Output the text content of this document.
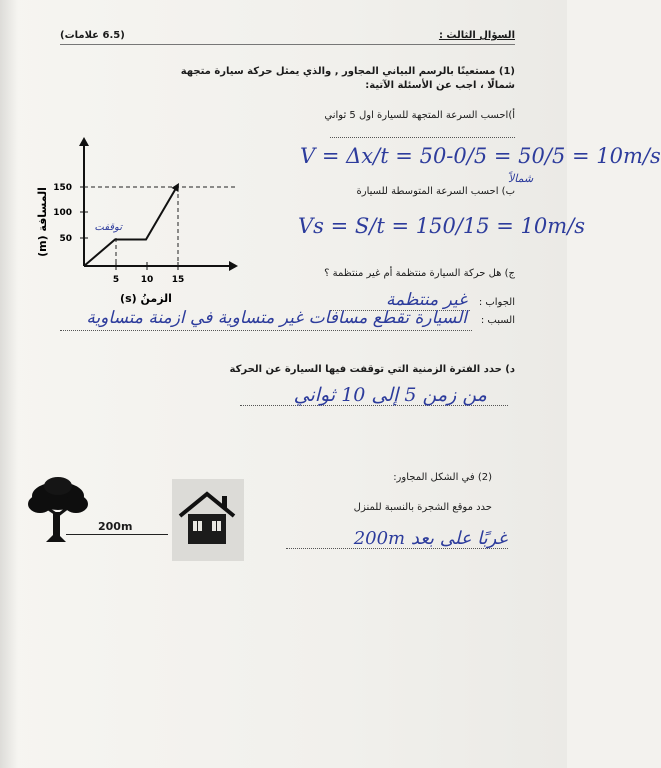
(6.5 علامات)	السؤال الثالث :
(1) مستعينًا بالرسم البياني المجاور , والذي يمثل حركة سيارة متجهة
شمالًا ، اجب عن الأسئلة الآتية:
أ)احسب السرعة المتجهة للسيارة اول 5 ثواني
V = Δx/t = 50-0/5 = 50/5 = 10m/s
شمالاً
ب) احسب السرعة المتوسطة للسيارة
Vs = S/t = 150/15 = 10m/s
المسافة (m) 150
100
50
5 10 15
توقفت
الزمنُ (s)
ج) هل حركة السيارة منتظمة أم غير منتظمة ؟
الجواب :
غير منتظمة
السبب :
السيارة تقطع مسافات غير متساوية في ازمنة متساوية
د) حدد الفترة الزمنية التي توقفت فيها السيارة عن الحركة
من زمن 5 إلى 10 ثواني
(2) في الشكل المجاور:
حدد موقع الشجرة بالنسبة للمنزل
غربًا على بعد 200m
200m
